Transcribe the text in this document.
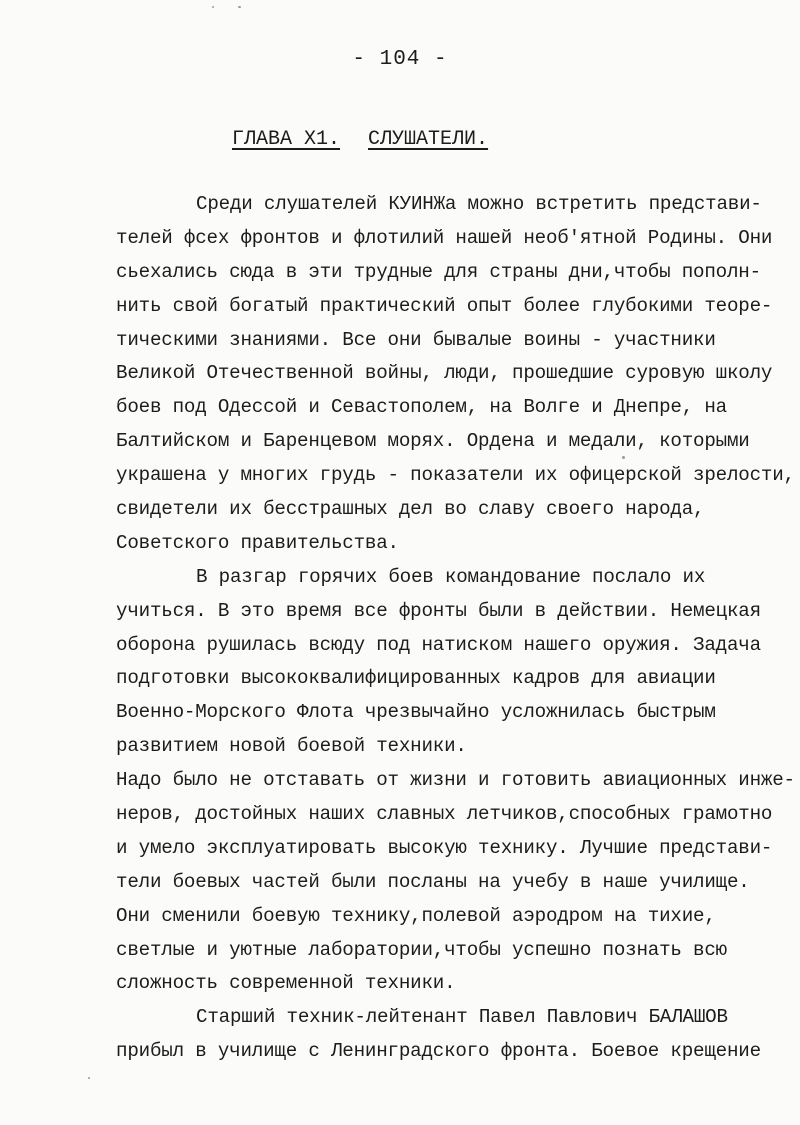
- 104 -
ГЛАВА Х1. СЛУШАТЕЛИ.
Среди слушателей КУИНЖа можно встретить представи-
телей фсех фронтов и флотилий нашей необ'ятной Родины. Они
сьехались сюда в эти трудные для страны дни,чтобы пополн-
нить свой богатый практический опыт более глубокими теоре-
тическими знаниями. Все они бывалые воины - участники
Великой Отечественной войны, люди, прошедшие суровую школу
боев под Одессой и Севастополем, на Волге и Днепре, на
Балтийском и Баренцевом морях. Ордена и медали, которыми
украшена у многих грудь - показатели их офицерской зрелости,
свидетели их бесстрашных дел во славу своего народа,
Советского правительства.
В разгар горячих боев командование послало их
учиться. В это время все фронты были в действии. Немецкая
оборона рушилась всюду под натиском нашего оружия. Задача
подготовки высококвалифицированных кадров для авиации
Военно-Морского Флота чрезвычайно усложнилась быстрым
развитием новой боевой техники.
Надо было не отставать от жизни и готовить авиационных инже-
неров, достойных наших славных летчиков,способных грамотно
и умело эксплуатировать высокую технику. Лучшие представи-
тели боевых частей были посланы на учебу в наше училище.
Они сменили боевую технику,полевой аэродром на тихие,
светлые и уютные лаборатории,чтобы успешно познать всю
сложность современной техники.
Старший техник-лейтенант Павел Павлович БАЛАШОВ
прибыл в училище с Ленинградского фронта. Боевое крещение
